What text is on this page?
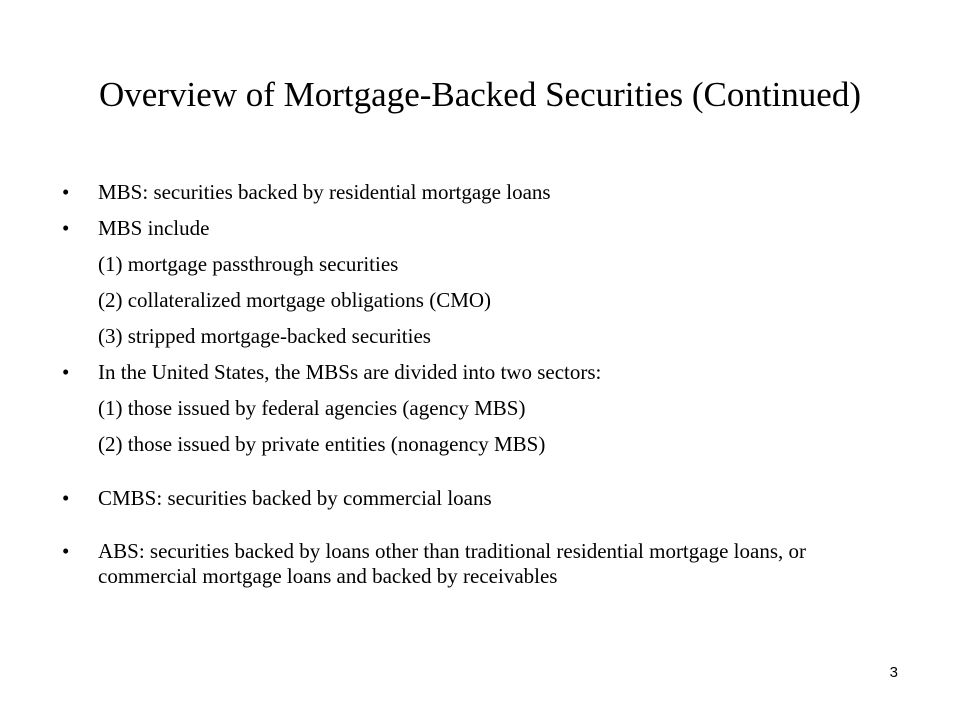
Overview of Mortgage-Backed Securities (Continued)
•	MBS: securities backed by residential mortgage loans
•	MBS include
(1) mortgage passthrough securities
(2) collateralized mortgage obligations (CMO)
(3) stripped mortgage-backed securities
•	In the United States, the MBSs are divided into two sectors:
(1) those issued by federal agencies (agency MBS)
(2) those issued by private entities (nonagency MBS)
•	CMBS: securities backed by commercial loans
•	ABS: securities backed by loans other than traditional residential mortgage loans, or commercial mortgage loans and backed by receivables
3
